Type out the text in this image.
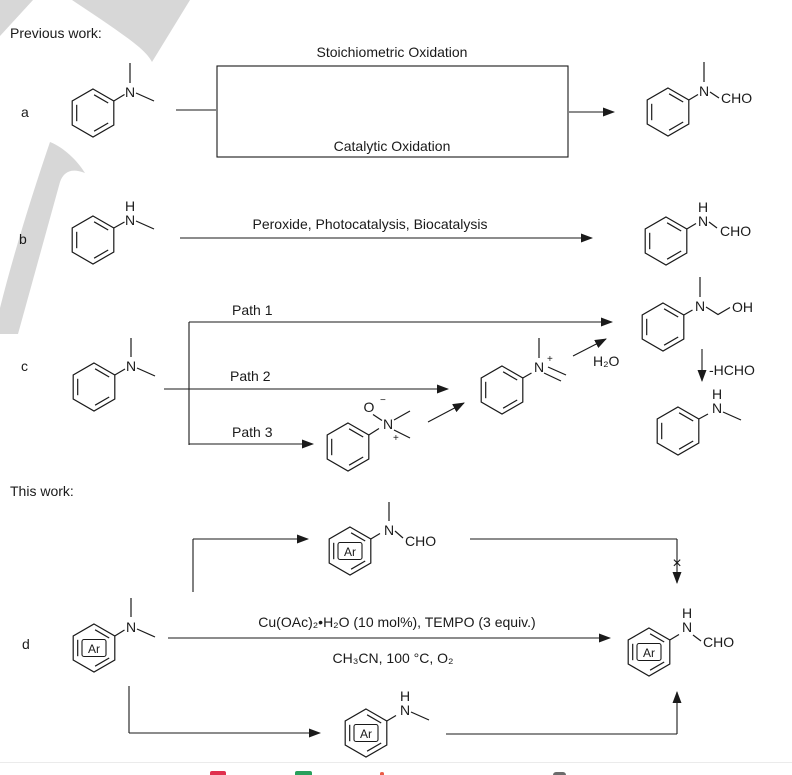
a
N
Stoichiometric Oxidation
Catalytic Oxidation
N CHO
b
H
N	Peroxide, Photocatalysis, Biocatalysis
H
N
CHO
c	N
Path 1
Path 2
Path 3
O −
N
+
N +	H₂O
N OH
-HCHO
H
N
d	Ar
N
Ar
N
CHO
×
Cu(OAc)₂•H₂O (10 mol%), TEMPO (3 equiv.)
CH₃CN, 100 °C, O₂	Ar
H
N
CHO
Ar
H
N
Previous work:
This work:
